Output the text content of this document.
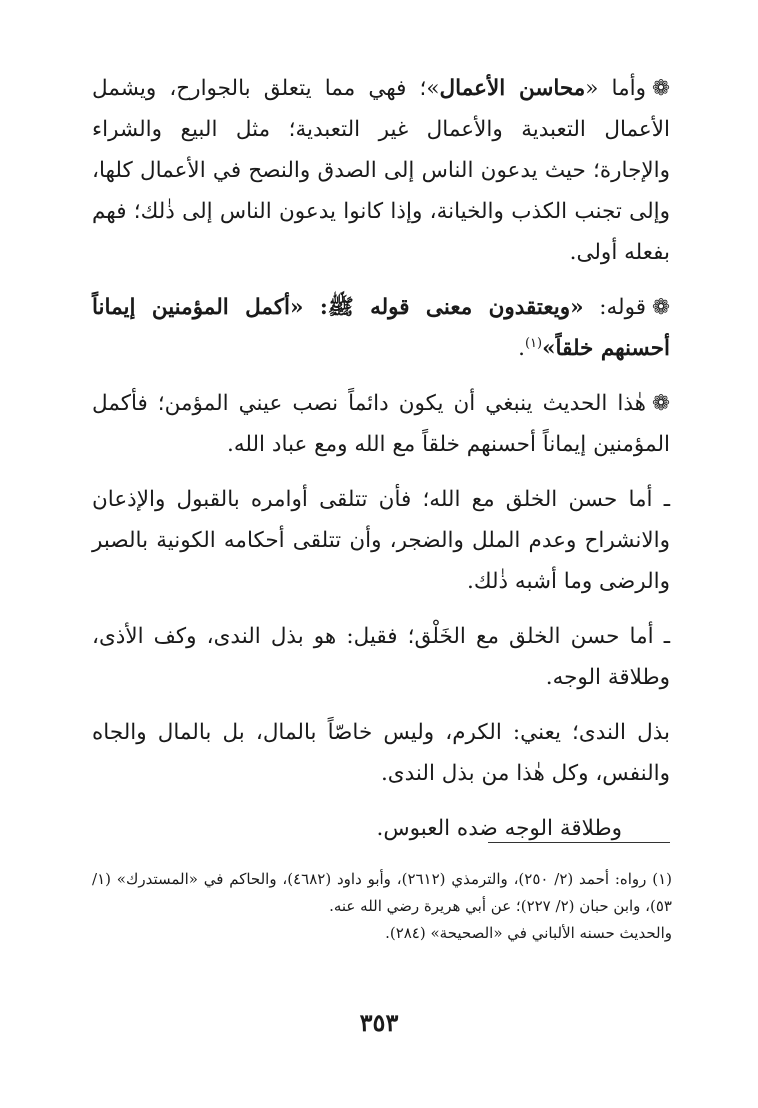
❁وأما «محاسن الأعمال»؛ فهي مما يتعلق بالجوارح، ويشمل الأعمال التعبدية والأعمال غير التعبدية؛ مثل البيع والشراء والإجارة؛ حيث يدعون الناس إلى الصدق والنصح في الأعمال كلها، وإلى تجنب الكذب والخيانة، وإذا كانوا يدعون الناس إلى ذٰلك؛ فهم بفعله أولى.

❁قوله: «ويعتقدون معنى قوله ﷺ: «أكمل المؤمنين إيماناً أحسنهم خلقاً»$^{(١)}$.

❁هٰذا الحديث ينبغي أن يكون دائماً نصب عيني المؤمن؛ فأكمل المؤمنين إيماناً أحسنهم خلقاً مع الله ومع عباد الله.

ـ أما حسن الخلق مع الله؛ فأن تتلقى أوامره بالقبول والإذعان والانشراح وعدم الملل والضجر، وأن تتلقى أحكامه الكونية بالصبر والرضى وما أشبه ذٰلك.

ـ أما حسن الخلق مع الخَلْق؛ فقيل: هو بذل الندى، وكف الأذى، وطلاقة الوجه.

بذل الندى؛ يعني: الكرم، وليس خاصّاً بالمال، بل بالمال والجاه والنفس، وكل هٰذا من بذل الندى.

وطلاقة الوجه ضده العبوس.

(١) رواه: أحمد (٢/ ٢٥٠)، والترمذي (٢٦١٢)، وأبو داود (٤٦٨٢)، والحاكم في «المستدرك» (١/ ٥٣)، وابن حبان (٢/ ٢٢٧)؛ عن أبي هريرة رضي الله عنه.

والحديث حسنه الألباني في «الصحيحة» (٢٨٤).

٣٥٣
